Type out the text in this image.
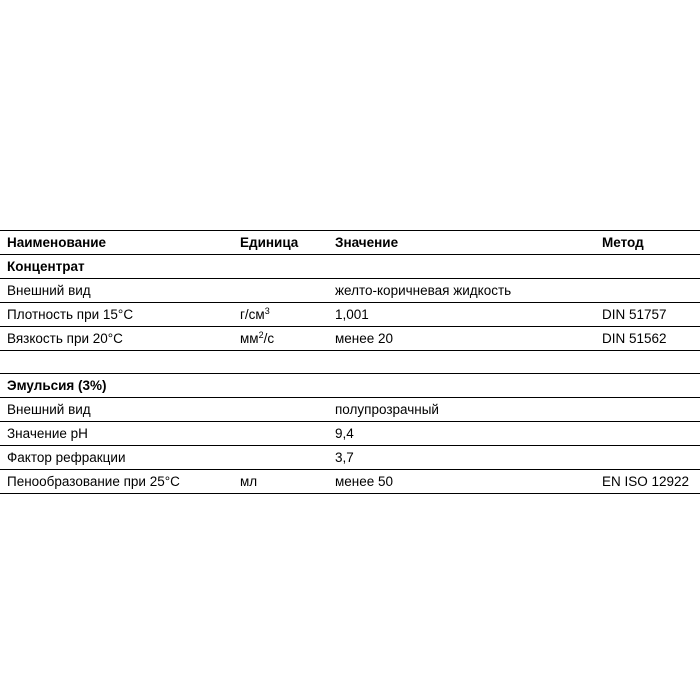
Наименование	Единица	Значение	Метод
Концентрат			
Внешний вид		желто-коричневая жидкость	
Плотность при 15°C	$г/см^3$	1,001	DIN 51757
Вязкость при 20°C	$мм^2/с$	менее 20	DIN 51562

Эмульсия (3%)			
Внешний вид		полупрозрачный	
Значение pH		9,4	
Фактор рефракции		3,7	
Пенообразование при 25°C	мл	менее 50	EN ISO 12922
